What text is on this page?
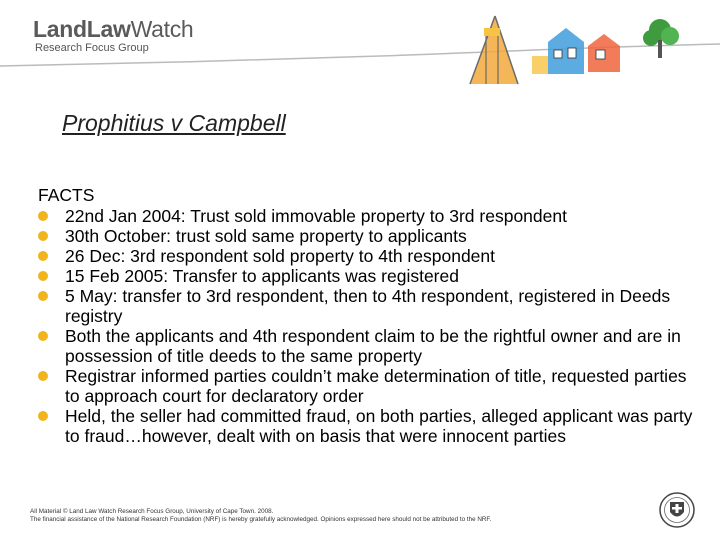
LandLawWatch
Research Focus Group
Prophitius v Campbell
FACTS
22nd Jan 2004: Trust sold immovable property to 3rd respondent
30th October: trust sold same property to applicants
26 Dec: 3rd respondent sold property to 4th respondent
15 Feb 2005: Transfer to applicants was registered
5 May: transfer to 3rd respondent, then to 4th respondent, registered in Deeds registry
Both the applicants and 4th respondent claim to be the rightful owner and are in possession of title deeds to the same property
Registrar informed parties couldn’t make determination of title, requested parties to approach court for declaratory order
Held, the seller had committed fraud, on both parties, alleged applicant was party to fraud…however, dealt with on basis that were innocent parties
All Material © Land Law Watch Research Focus Group, University of Cape Town. 2008.
The financial assistance of the National Research Foundation (NRF) is hereby gratefully acknowledged. Opinions expressed here should not be attributed to the NRF.
